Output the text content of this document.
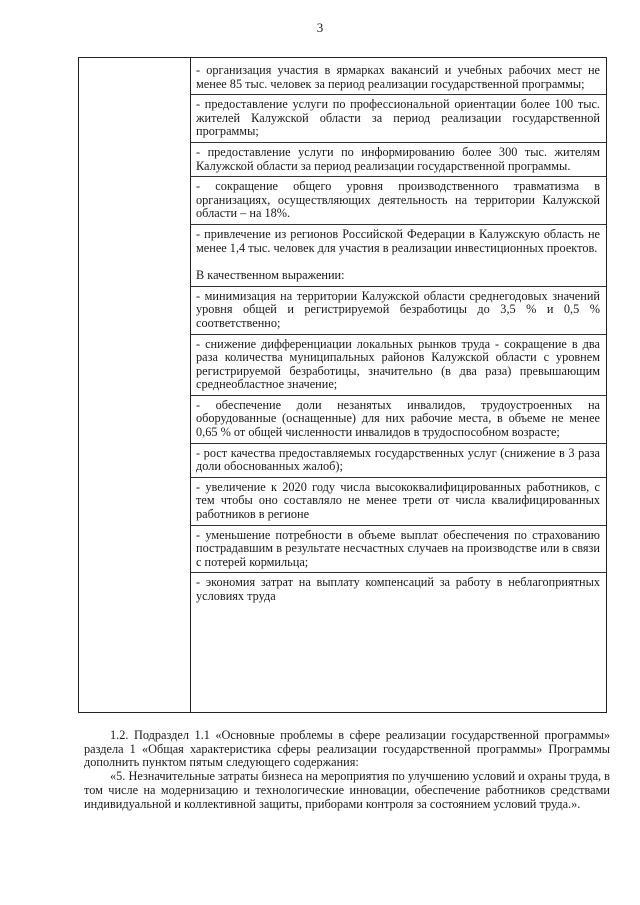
3

- организация участия в ярмарках вакансий и учебных рабочих мест не менее 85 тыс. человек за период реализации государственной программы;

- предоставление услуги по профессиональной ориентации более 100 тыс. жителей Калужской области за период реализации государственной программы;

- предоставление услуги по информированию более 300 тыс. жителям Калужской области за период реализации государственной программы.

- сокращение общего уровня производственного травматизма в организациях, осуществляющих деятельность на территории Калужской области – на 18%.

- привлечение из регионов Российской Федерации в Калужскую область не менее 1,4 тыс. человек для участия в реализации инвестиционных проектов.

В качественном выражении:

- минимизация на территории Калужской области среднегодовых значений уровня общей и регистрируемой безработицы до 3,5 % и 0,5 % соответственно;

- снижение дифференциации локальных рынков труда - сокращение в два раза количества муниципальных районов Калужской области с уровнем регистрируемой безработицы, значительно (в два раза) превышающим среднеобластное значение;

- обеспечение доли незанятых инвалидов, трудоустроенных на оборудованные (оснащенные) для них рабочие места, в объеме не менее 0,65 % от общей численности инвалидов в трудоспособном возрасте;

- рост качества предоставляемых государственных услуг (снижение в 3 раза доли обоснованных жалоб);

- увеличение к 2020 году числа высококвалифицированных работников, с тем чтобы оно составляло не менее трети от числа квалифицированных работников в регионе

- уменьшение потребности в объеме выплат обеспечения по страхованию пострадавшим в результате несчастных случаев на производстве или в связи с потерей кормильца;

- экономия затрат на выплату компенсаций за работу в неблагоприятных условиях труда

1.2. Подраздел 1.1 «Основные проблемы в сфере реализации государственной программы» раздела 1 «Общая характеристика сферы реализации государственной программы» Программы дополнить пунктом пятым следующего содержания:

«5. Незначительные затраты бизнеса на мероприятия по улучшению условий и охраны труда, в том числе на модернизацию и технологические инновации, обеспечение работников средствами индивидуальной и коллективной защиты, приборами контроля за состоянием условий труда.».
